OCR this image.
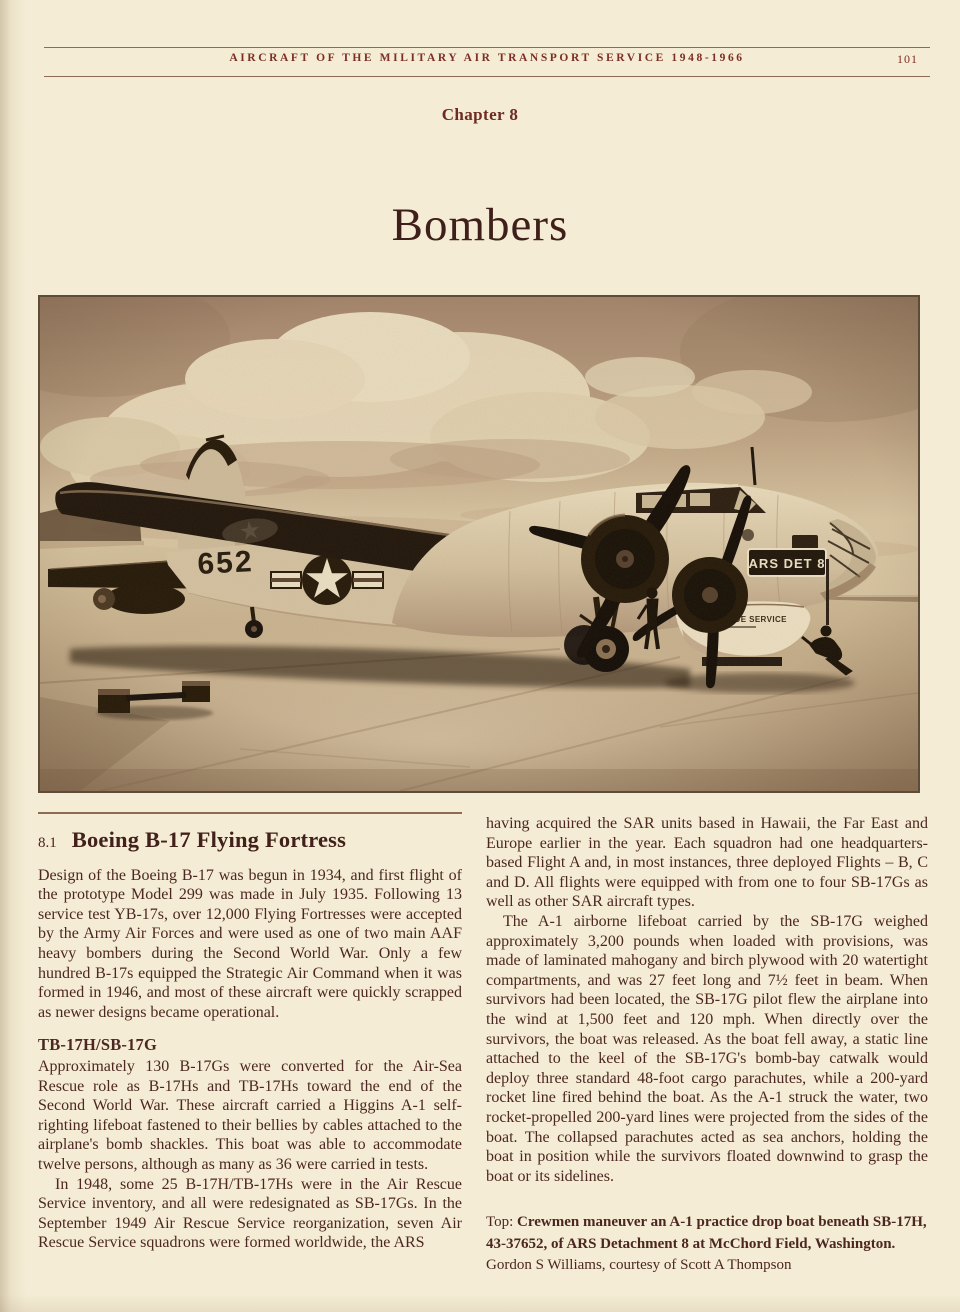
AIRCRAFT OF THE MILITARY AIR TRANSPORT SERVICE 1948-1966	101
Chapter 8
Bombers
8.1 Boeing B-17 Flying Fortress

Design of the Boeing B-17 was begun in 1934, and first flight of the prototype Model 299 was made in July 1935. Following 13 service test YB-17s, over 12,000 Flying Fortresses were accepted by the Army Air Forces and were used as one of two main AAF heavy bombers during the Second World War. Only a few hundred B-17s equipped the Strategic Air Command when it was formed in 1946, and most of these aircraft were quickly scrapped as newer designs became operational.

TB-17H/SB-17G

Approximately 130 B-17Gs were converted for the Air-Sea Rescue role as B-17Hs and TB-17Hs toward the end of the Second World War. These aircraft carried a Higgins A-1 self-righting lifeboat fastened to their bellies by cables attached to the airplane's bomb shackles. This boat was able to accommodate twelve persons, although as many as 36 were carried in tests.

In 1948, some 25 B-17H/TB-17Hs were in the Air Rescue Service inventory, and all were redesignated as SB-17Gs. In the September 1949 Air Rescue Service reorganization, seven Air Rescue Service squadrons were formed worldwide, the ARS

having acquired the SAR units based in Hawaii, the Far East and Europe earlier in the year. Each squadron had one headquarters-based Flight A and, in most instances, three deployed Flights – B, C and D. All flights were equipped with from one to four SB-17Gs as well as other SAR aircraft types.

The A-1 airborne lifeboat carried by the SB-17G weighed approximately 3,200 pounds when loaded with provisions, was made of laminated mahogany and birch plywood with 20 watertight compartments, and was 27 feet long and 7½ feet in beam. When survivors had been located, the SB-17G pilot flew the airplane into the wind at 1,500 feet and 120 mph. When directly over the survivors, the boat was released. As the boat fell away, a static line attached to the keel of the SB-17G's bomb-bay catwalk would deploy three standard 48-foot cargo parachutes, while a 200-yard rocket line fired behind the boat. As the A-1 struck the water, two rocket-propelled 200-yard lines were projected from the sides of the boat. The collapsed parachutes acted as sea anchors, holding the boat in position while the survivors floated downwind to grasp the boat or its sidelines.

Top: Crewmen maneuver an A-1 practice drop boat beneath SB-17H, 43-37652, of ARS Detachment 8 at McChord Field, Washington. Gordon S Williams, courtesy of Scott A Thompson
